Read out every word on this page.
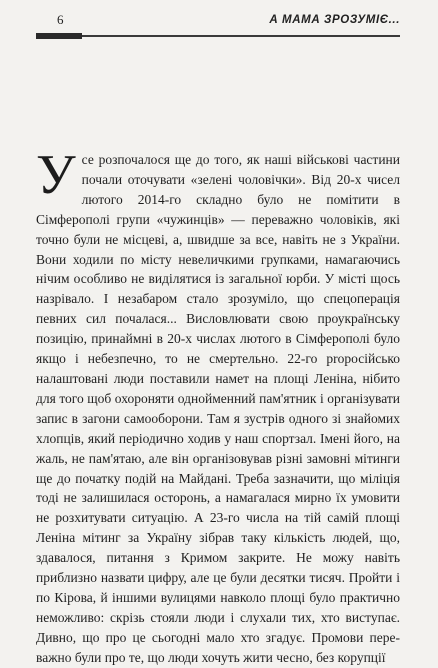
6	А МАМА ЗРОЗУМІЄ...

Усе розпочалося ще до того, як наші військові частини почали оточувати «зелені чоловічки». Від 20-х чисел лютого 2014-го складно було не помітити в Сімферополі групи «чужинців» — переважно чоловіків, які точно були не місцеві, а, швидше за все, навіть не з України. Вони ходили по місту невеличкими групками, намагаючись нічим особливо не виділятися із загальної юрби. У місті щось назрівало. І незабаром стало зрозуміло, що спецоперація певних сил почалася... Висловлювати свою проукраїнську позицію, принаймні в 20-х числах лютого в Сімферополі було якщо і небезпечно, то не смертельно. 22-го proросійсько налаштовані люди поставили намет на площі Леніна, нібито для того щоб охороняти однойменний пам'ятник і організувати запис в загони самооборони. Там я зустрів одного зі знайомих хлопців, який періодично ходив у наш спортзал. Імені його, на жаль, не пам'ятаю, але він організовував різні замовні мітинги ще до початку подій на Майдані. Треба зазначити, що міліція тоді не залишилася осторонь, а намагалася мирно їх умовити не розхитувати ситуацію. А 23-го числа на тій самій площі Леніна мітинг за Україну зібрав таку кількість людей, що, здавалося, питання з Кримом закрите. Не можу навіть приблизно назвати цифру, але це були десятки тисяч. Пройти і по Кірова, й іншими вулицями навколо площі було практично неможливо: скрізь стояли люди і слухали тих, хто виступає. Дивно, що про це сьогодні мало хто згадує. Промови переважно були про те, що люди хочуть жити чесно, без корупції
